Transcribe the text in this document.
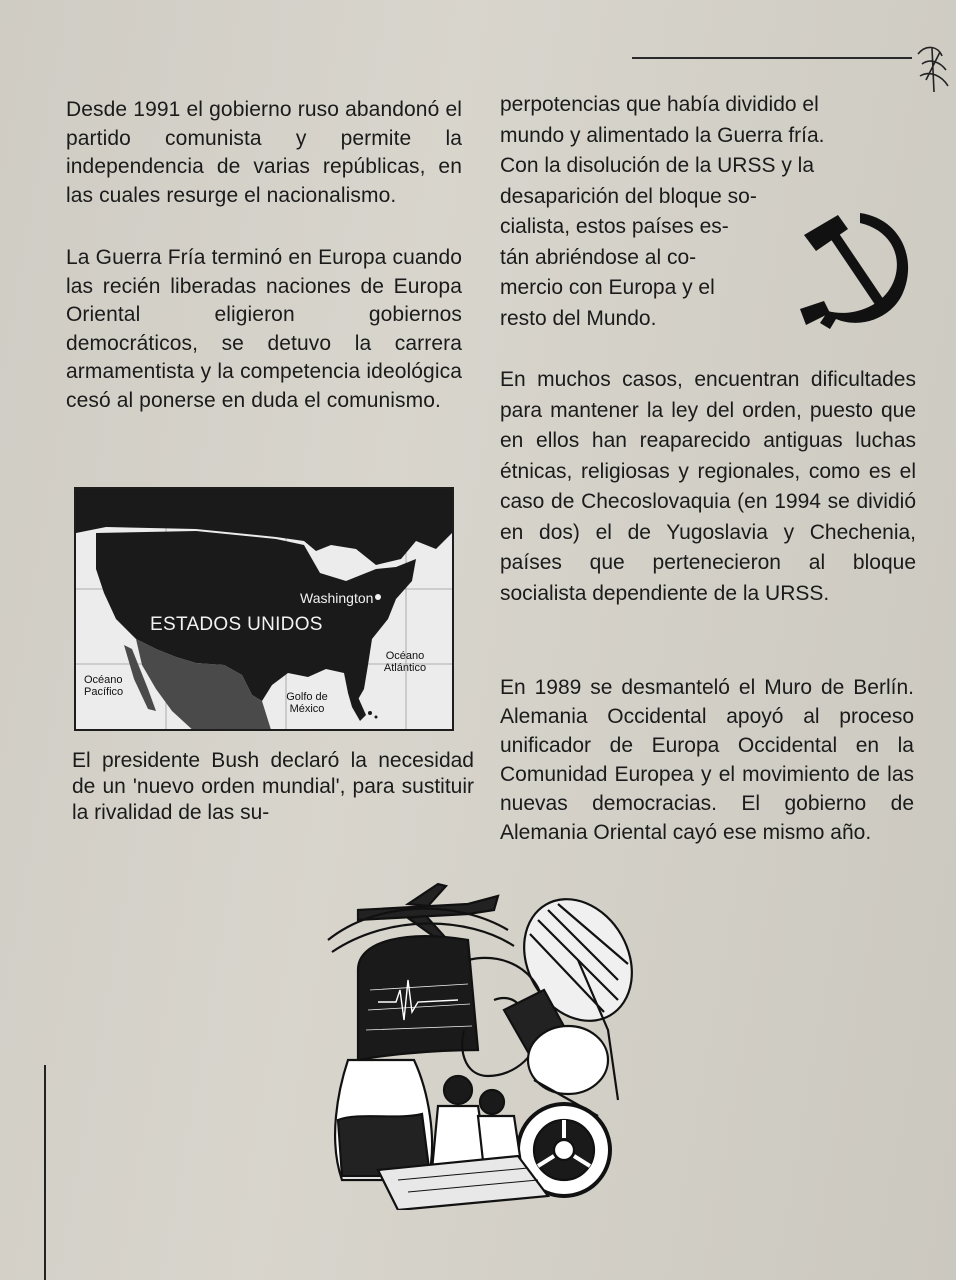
Desde 1991 el gobierno ruso abandonó el partido comunista y permite la independencia de varias repúblicas, en las cuales resurge el nacionalismo.

La Guerra Fría terminó en Europa cuando las recién liberadas naciones de Europa Oriental eligieron gobiernos democráticos, se detuvo la carrera armamentista y la competencia ideológica cesó al ponerse en duda el comunismo.

ESTADOS UNIDOS
Washington
Océano Pacífico	Golfo de México
Océano Atlántico

El presidente Bush declaró la necesidad de un 'nuevo orden mundial', para sustituir la rivalidad de las su-

perpotencias que había dividido el
mundo y alimentado la Guerra fría.
Con la disolución de la URSS y la
desaparición del bloque so-
cialista, estos países es-
tán abriéndose al co-
mercio con Europa y el
resto del Mundo.

En muchos casos, encuentran dificultades para mantener la ley del orden, puesto que en ellos han reaparecido antiguas luchas étnicas, religiosas y regionales, como es el caso de Checoslovaquia (en 1994 se dividió en dos) el de Yugoslavia y Chechenia, países que pertenecieron al bloque socialista dependiente de la URSS.

En 1989 se desmanteló el Muro de Berlín. Alemania Occidental apoyó al proceso unificador de Europa Occidental en la Comunidad Europea y el movimiento de las nuevas democracias. El gobierno de Alemania Oriental cayó ese mismo año.
